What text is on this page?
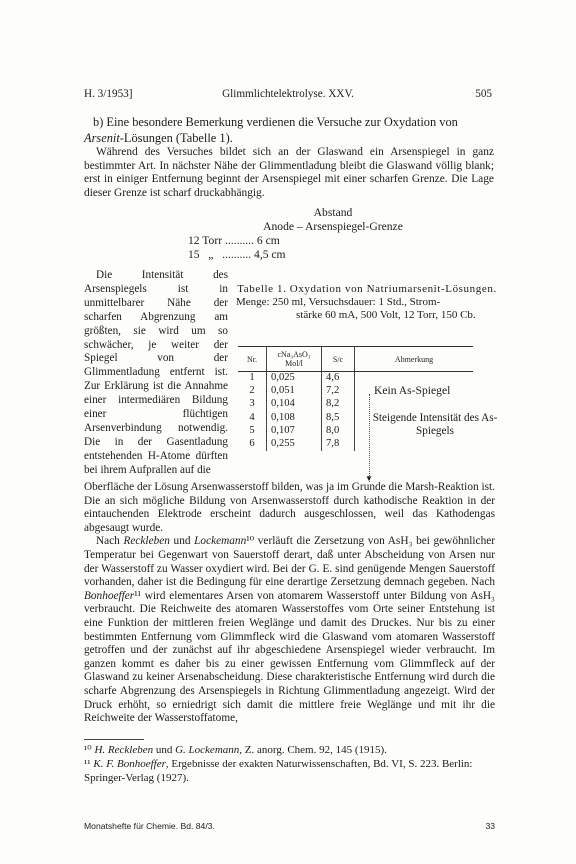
H. 3/1953]	Glimmlichtelektrolyse. XXV.	505
b) Eine besondere Bemerkung verdienen die Versuche zur Oxydation von Arsenit-Lösungen (Tabelle 1).
Während des Versuches bildet sich an der Glaswand ein Arsenspiegel in ganz bestimmter Art. In nächster Nähe der Glimmentladung bleibt die Glaswand völlig blank; erst in einiger Entfernung beginnt der Arsenspiegel mit einer scharfen Grenze. Die Lage dieser Grenze ist scharf druckabhängig.
Abstand
Anode – Arsenspiegel-Grenze
12 Torr .......... 6 cm
15   „   .......... 4,5 cm
Die Intensität des Arsenspiegels ist in unmittelbarer Nähe der scharfen Abgrenzung am größten, sie wird um so schwächer, je weiter der Spiegel von der Glimmentladung entfernt ist. Zur Erklärung ist die Annahme einer intermediären Bildung einer flüchtigen Arsenverbindung notwendig. Die in der Gasentladung entstehenden H-Atome dürften bei ihrem Aufprallen auf die
Tabelle 1. Oxydation von Natriumarsenit-Lösungen.
Menge: 250 ml, Versuchsdauer: 1 Std., Strom-
stärke 60 mA, 500 Volt, 12 Torr, 150 Cb.
Nr.	cNa₃AsO₃ Mol/l	S/c	Abmerkung
1	0,025	4,6	
2	0,051	7,2	
3	0,104	8,2	
4	0,108	8,5	
5	0,107	8,0	
6	0,255	7,8	
Kein As-Spiegel
▼
Steigende Intensität des As-Spiegels

Oberfläche der Lösung Arsenwasserstoff bilden, was ja im Grunde die Marsh-Reaktion ist. Die an sich mögliche Bildung von Arsenwasserstoff durch kathodische Reaktion in der eintauchenden Elektrode erscheint dadurch ausgeschlossen, weil das Kathodengas abgesaugt wurde.

Nach Reckleben und Lockemann¹⁰ verläuft die Zersetzung von AsH₃ bei gewöhnlicher Temperatur bei Gegenwart von Sauerstoff derart, daß unter Abscheidung von Arsen nur der Wasserstoff zu Wasser oxydiert wird. Bei der G. E. sind genügende Mengen Sauerstoff vorhanden, daher ist die Bedingung für eine derartige Zersetzung demnach gegeben. Nach Bonhoeffer¹¹ wird elementares Arsen von atomarem Wasserstoff unter Bildung von AsH₃ verbraucht. Die Reichweite des atomaren Wasserstoffes vom Orte seiner Entstehung ist eine Funktion der mittleren freien Weglänge und damit des Druckes. Nur bis zu einer bestimmten Entfernung vom Glimmfleck wird die Glaswand vom atomaren Wasserstoff getroffen und der zunächst auf ihr abgeschiedene Arsenspiegel wieder verbraucht. Im ganzen kommt es daher bis zu einer gewissen Entfernung vom Glimmfleck auf der Glaswand zu keiner Arsenabscheidung. Diese charakteristische Entfernung wird durch die scharfe Abgrenzung des Arsenspiegels in Richtung Glimmentladung angezeigt. Wird der Druck erhöht, so erniedrigt sich damit die mittlere freie Weglänge und mit ihr die Reichweite der Wasserstoffatome,

¹⁰ H. Reckleben und G. Lockemann, Z. anorg. Chem. 92, 145 (1915).
¹¹ K. F. Bonhoeffer, Ergebnisse der exakten Naturwissenschaften, Bd. VI, S. 223. Berlin: Springer-Verlag (1927).
Monatshefte für Chemie. Bd. 84/3.	33
